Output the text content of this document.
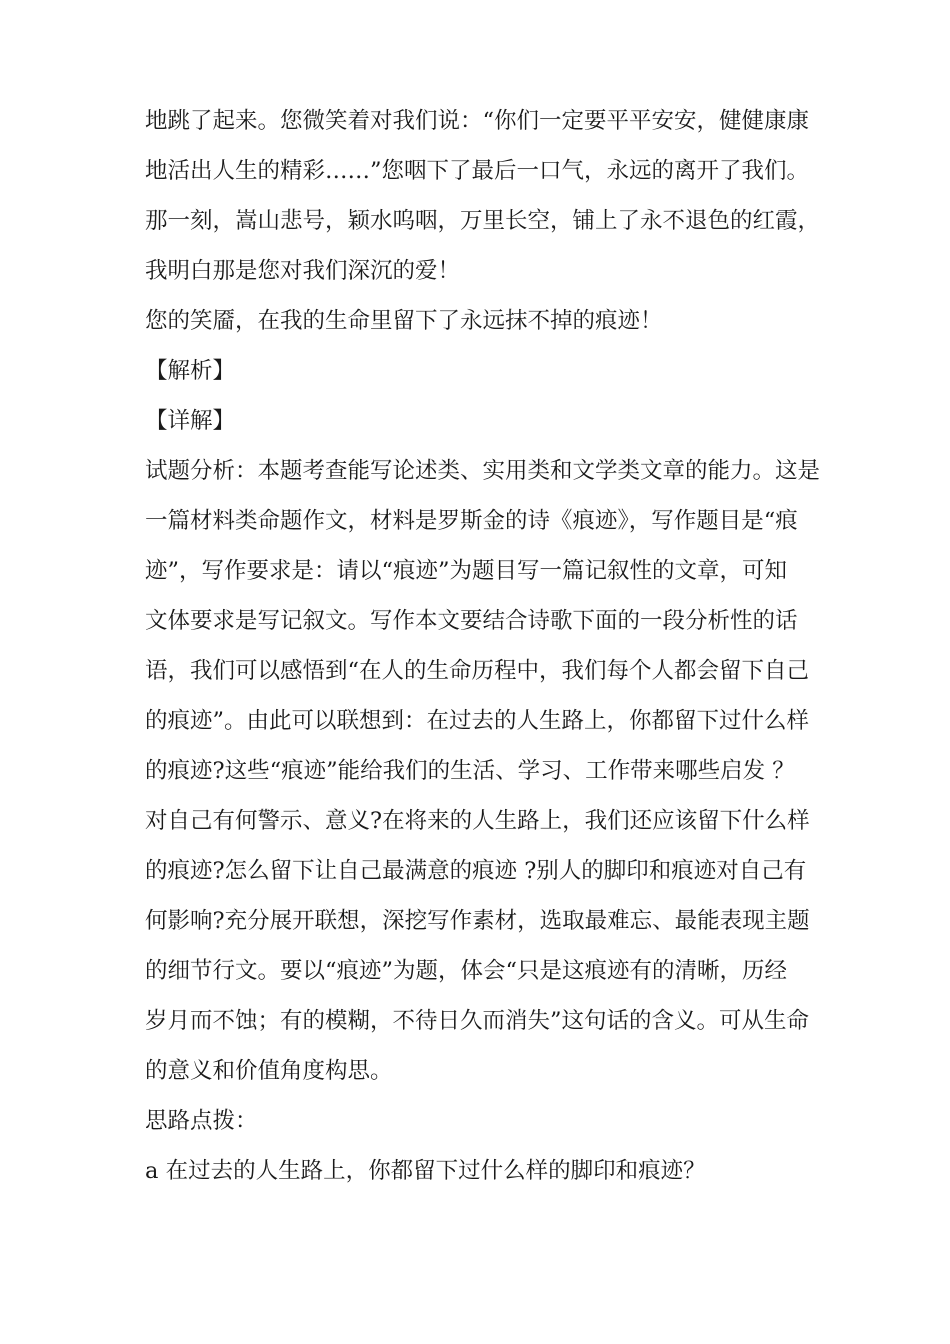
地跳了起来。您微笑着对我们说：“你们一定要平平安安，健健康康
地活出人生的精彩……”您咽下了最后一口气，永远的离开了我们。
那一刻，嵩山悲号，颖水呜咽，万里长空，铺上了永不退色的红霞，
我明白那是您对我们深沉的爱！
您的笑靥，在我的生命里留下了永远抹不掉的痕迹！
【解析】
【详解】
试题分析：本题考查能写论述类、实用类和文学类文章的能力。这是
一篇材料类命题作文，材料是罗斯金的诗《痕迹》，写作题目是“痕
迹”，写作要求是：请以“痕迹”为题目写一篇记叙性的文章，可知
文体要求是写记叙文。写作本文要结合诗歌下面的一段分析性的话
语，我们可以感悟到“在人的生命历程中，我们每个人都会留下自己
的痕迹”。由此可以联想到：在过去的人生路上，你都留下过什么样
的痕迹?这些“痕迹”能给我们的生活、学习、工作带来哪些启发 ？
对自己有何警示、意义?在将来的人生路上，我们还应该留下什么样
的痕迹?怎么留下让自己最满意的痕迹 ?别人的脚印和痕迹对自己有
何影响?充分展开联想，深挖写作素材，选取最难忘、最能表现主题
的细节行文。要以“痕迹”为题，体会“只是这痕迹有的清晰，历经
岁月而不蚀；有的模糊，不待日久而消失”这句话的含义。可从生命
的意义和价值角度构思。
思路点拨：
a 在过去的人生路上，你都留下过什么样的脚印和痕迹？
